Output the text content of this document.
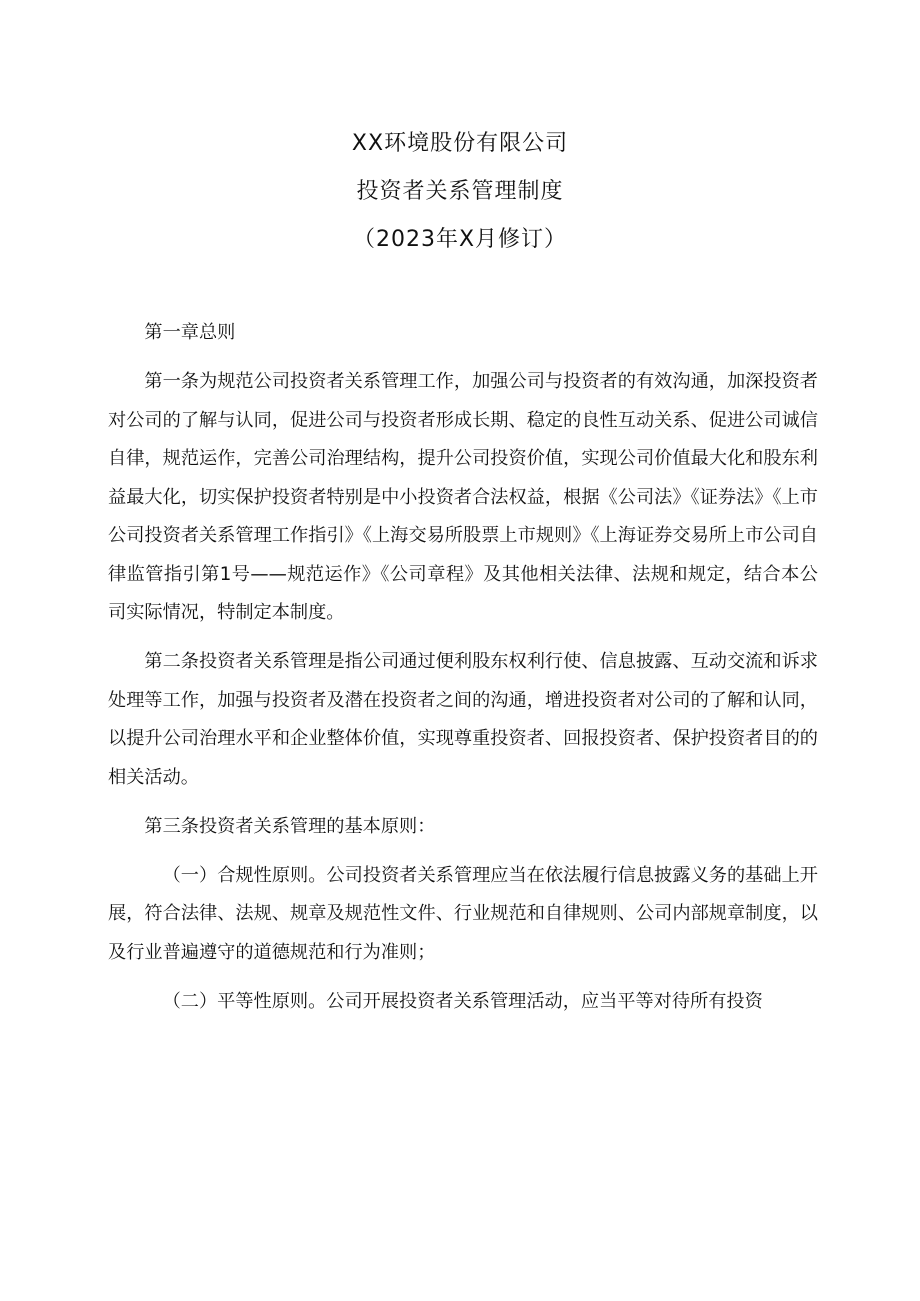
XX环境股份有限公司
投资者关系管理制度
（2023年X月修订）

第一章总则

第一条为规范公司投资者关系管理工作，加强公司与投资者的有效沟通，加深投资者对公司的了解与认同，促进公司与投资者形成长期、稳定的良性互动关系、促进公司诚信自律，规范运作，完善公司治理结构，提升公司投资价值，实现公司价值最大化和股东利益最大化，切实保护投资者特别是中小投资者合法权益，根据《公司法》《证券法》《上市公司投资者关系管理工作指引》《上海交易所股票上市规则》《上海证券交易所上市公司自律监管指引第1号——规范运作》《公司章程》及其他相关法律、法规和规定，结合本公司实际情况，特制定本制度。

第二条投资者关系管理是指公司通过便利股东权利行使、信息披露、互动交流和诉求处理等工作，加强与投资者及潜在投资者之间的沟通，增进投资者对公司的了解和认同，以提升公司治理水平和企业整体价值，实现尊重投资者、回报投资者、保护投资者目的的相关活动。

第三条投资者关系管理的基本原则：

（一）合规性原则。公司投资者关系管理应当在依法履行信息披露义务的基础上开展，符合法律、法规、规章及规范性文件、行业规范和自律规则、公司内部规章制度，以及行业普遍遵守的道德规范和行为准则；

（二）平等性原则。公司开展投资者关系管理活动，应当平等对待所有投资
